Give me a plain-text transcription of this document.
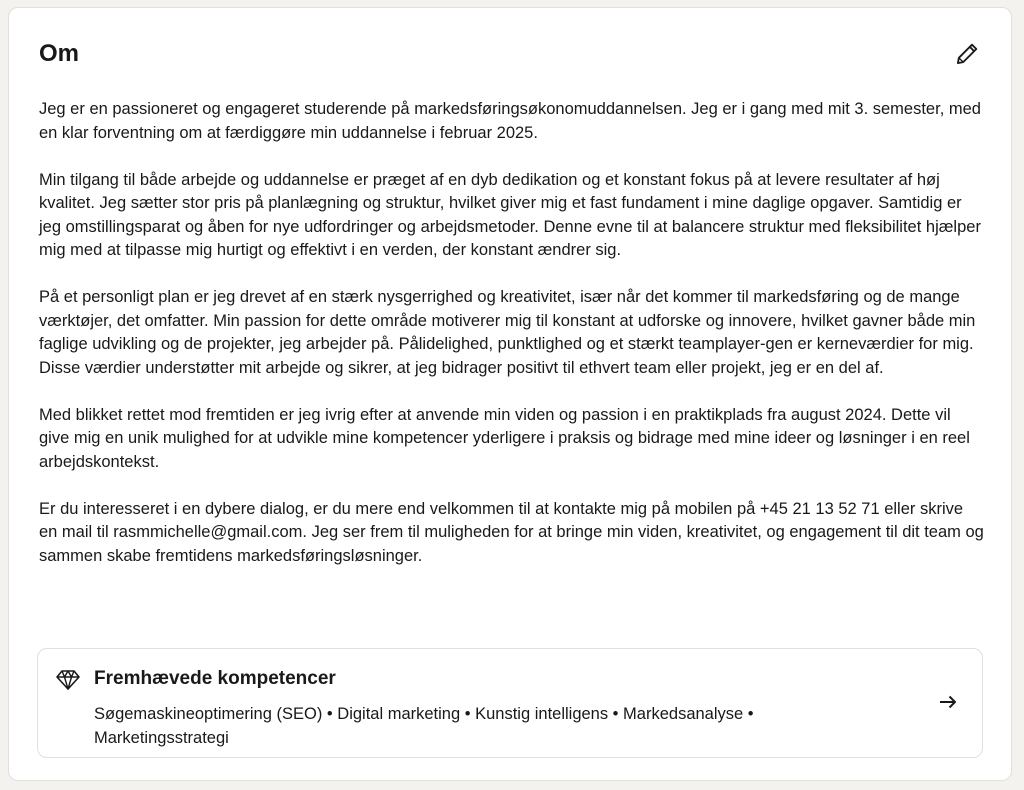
Om

Jeg er en passioneret og engageret studerende på markedsføringsøkonomuddannelsen. Jeg er i gang med mit 3. semester, med en klar forventning om at færdiggøre min uddannelse i februar 2025.

Min tilgang til både arbejde og uddannelse er præget af en dyb dedikation og et konstant fokus på at levere resultater af høj kvalitet. Jeg sætter stor pris på planlægning og struktur, hvilket giver mig et fast fundament i mine daglige opgaver. Samtidig er jeg omstillingsparat og åben for nye udfordringer og arbejdsmetoder. Denne evne til at balancere struktur med fleksibilitet hjælper mig med at tilpasse mig hurtigt og effektivt i en verden, der konstant ændrer sig.

På et personligt plan er jeg drevet af en stærk nysgerrighed og kreativitet, især når det kommer til markedsføring og de mange værktøjer, det omfatter. Min passion for dette område motiverer mig til konstant at udforske og innovere, hvilket gavner både min faglige udvikling og de projekter, jeg arbejder på. Pålidelighed, punktlighed og et stærkt teamplayer-gen er kerneværdier for mig. Disse værdier understøtter mit arbejde og sikrer, at jeg bidrager positivt til ethvert team eller projekt, jeg er en del af.

Med blikket rettet mod fremtiden er jeg ivrig efter at anvende min viden og passion i en praktikplads fra august 2024. Dette vil give mig en unik mulighed for at udvikle mine kompetencer yderligere i praksis og bidrage med mine ideer og løsninger i en reel arbejdskontekst.

Er du interesseret i en dybere dialog, er du mere end velkommen til at kontakte mig på mobilen på +45 21 13 52 71 eller skrive en mail til rasmmichelle@gmail.com. Jeg ser frem til muligheden for at bringe min viden, kreativitet, og engagement til dit team og sammen skabe fremtidens markedsføringsløsninger.

Fremhævede kompetencer
Søgemaskineoptimering (SEO) • Digital marketing • Kunstig intelligens • Markedsanalyse • Marketingsstrategi
